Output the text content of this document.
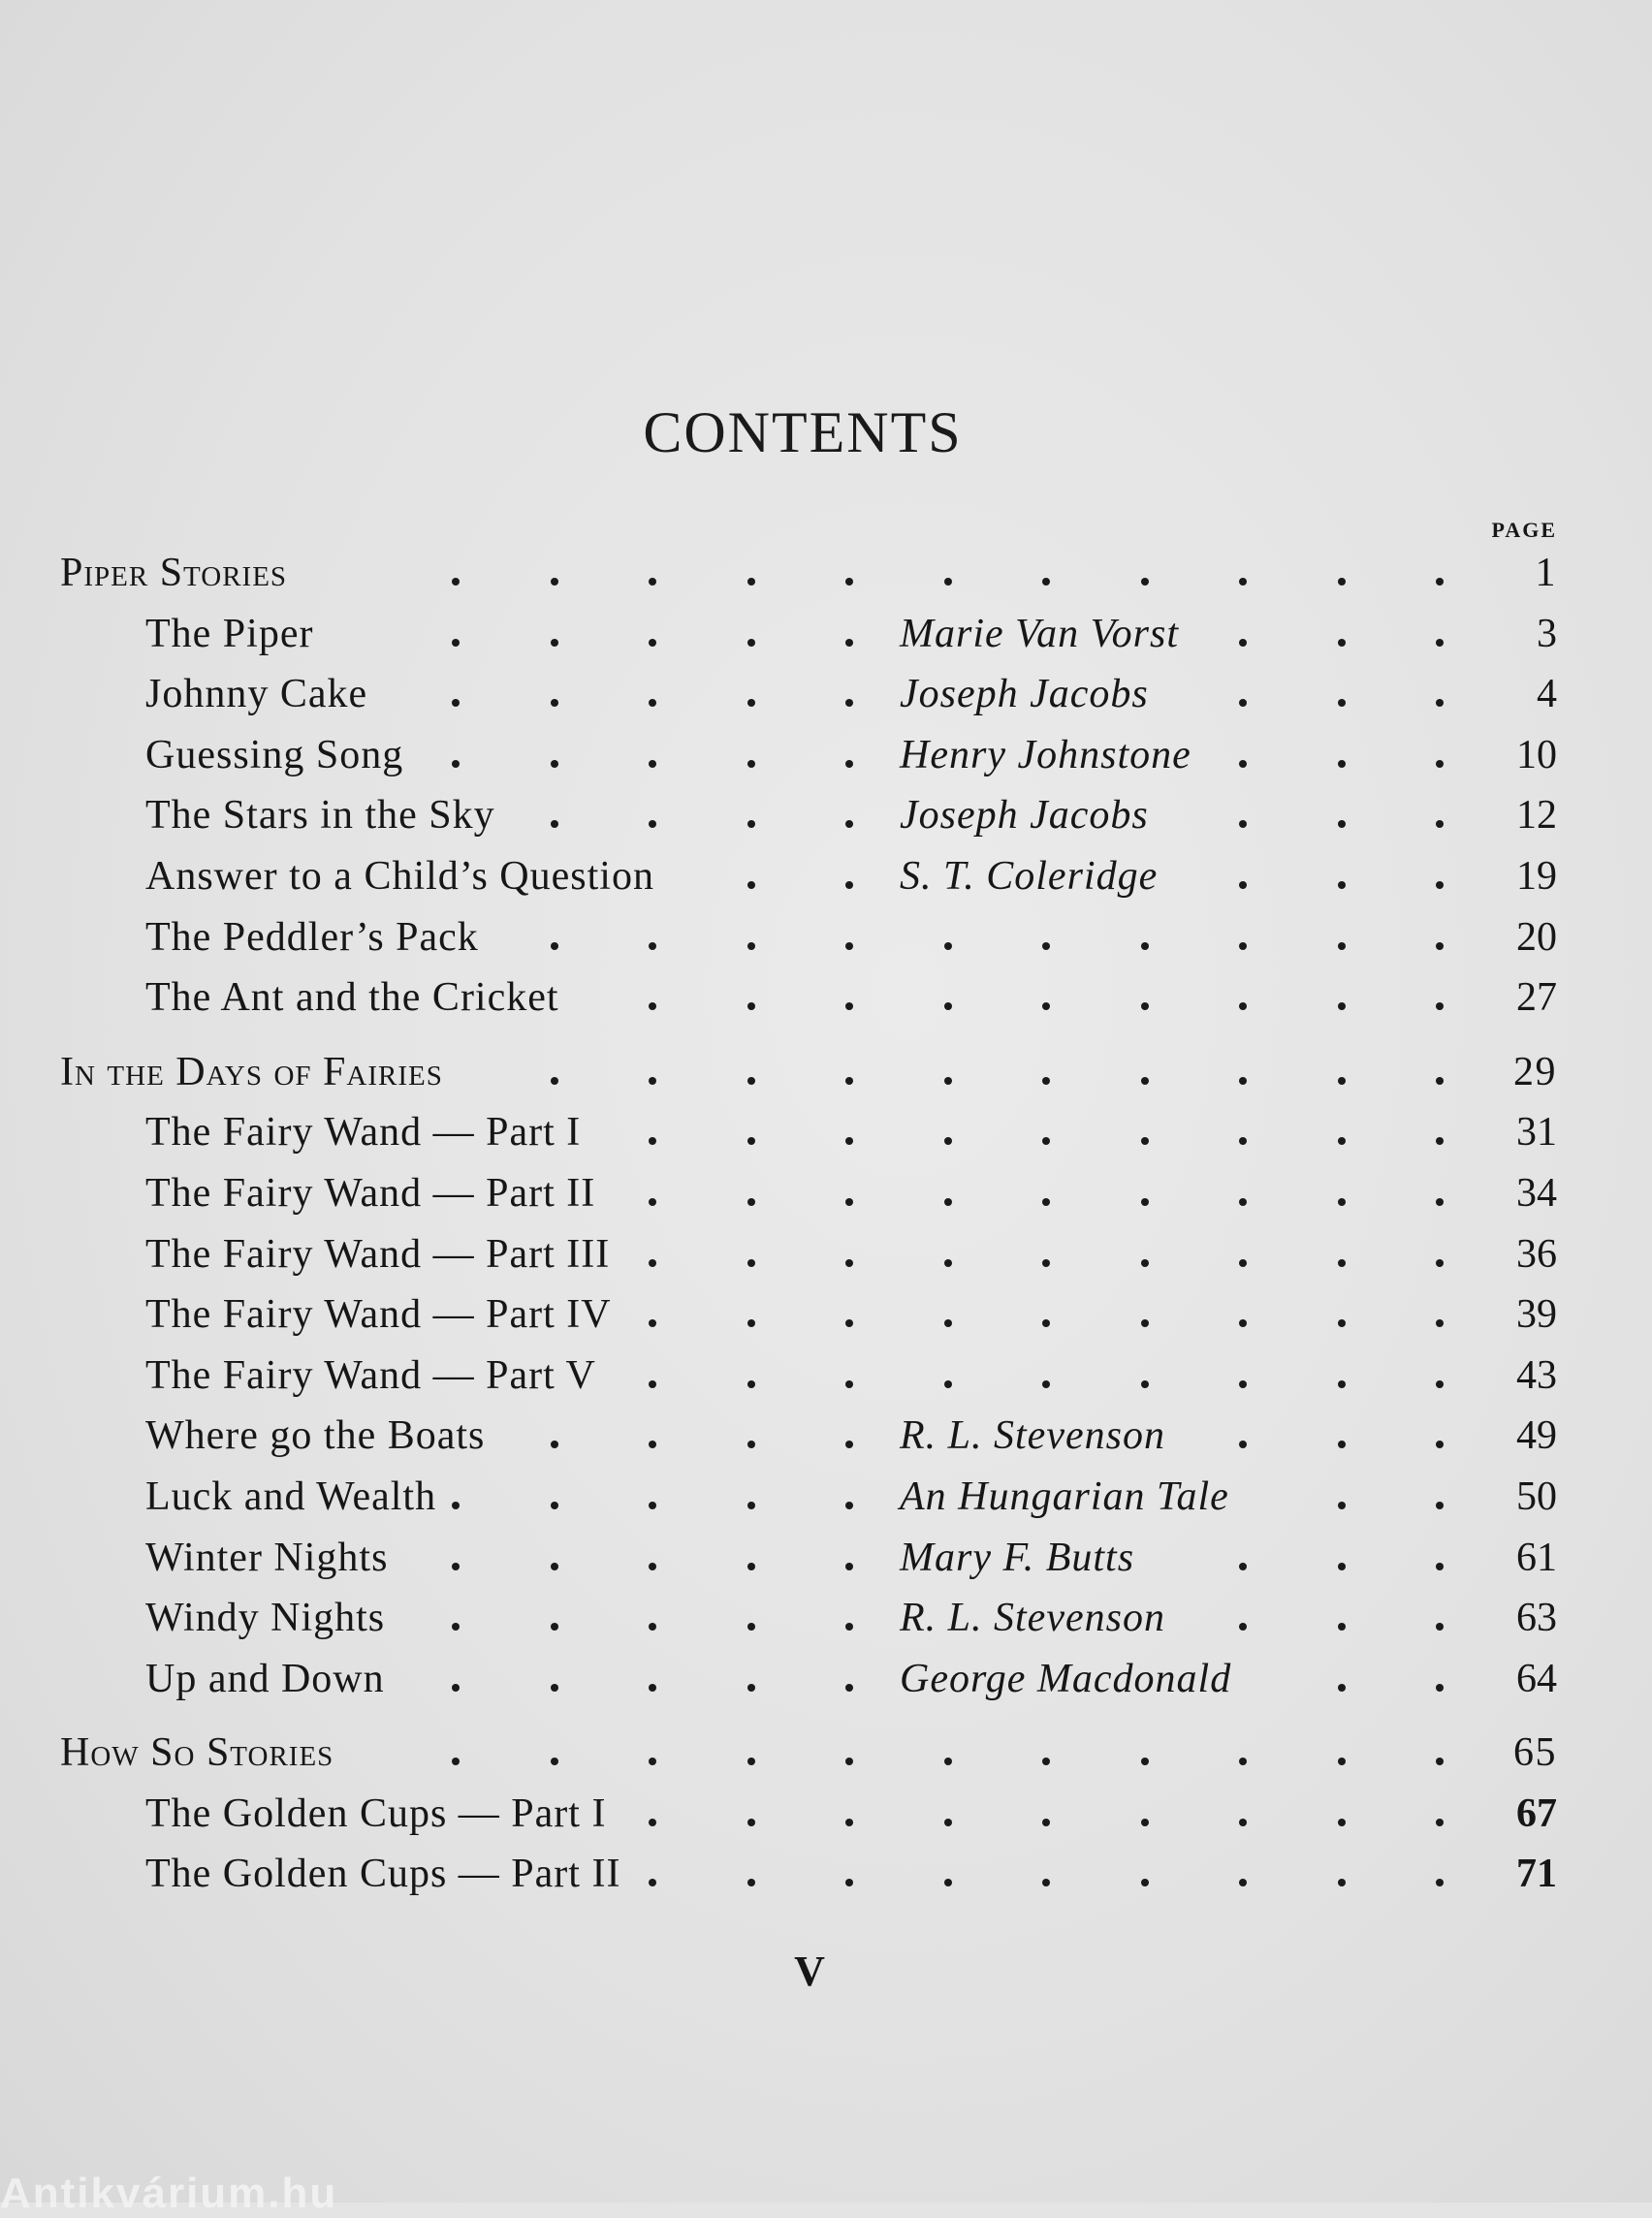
CONTENTS
PAGE
Piper Stories	1
The Piper	Marie Van Vorst	3
Johnny Cake	Joseph Jacobs	4
Guessing Song	Henry Johnstone	10
The Stars in the Sky	Joseph Jacobs	12
Answer to a Child’s Question	S. T. Coleridge	19
The Peddler’s Pack	20
The Ant and the Cricket	27
In the Days of Fairies	29
The Fairy Wand — Part I	31
The Fairy Wand — Part II	34
The Fairy Wand — Part III	36
The Fairy Wand — Part IV	39
The Fairy Wand — Part V	43
Where go the Boats	R. L. Stevenson	49
Luck and Wealth	An Hungarian Tale	50
Winter Nights	Mary F. Butts	61
Windy Nights	R. L. Stevenson	63
Up and Down	George Macdonald	64
How So Stories	65
The Golden Cups — Part I	67
The Golden Cups — Part II	71
V
Antikvárium.hu
